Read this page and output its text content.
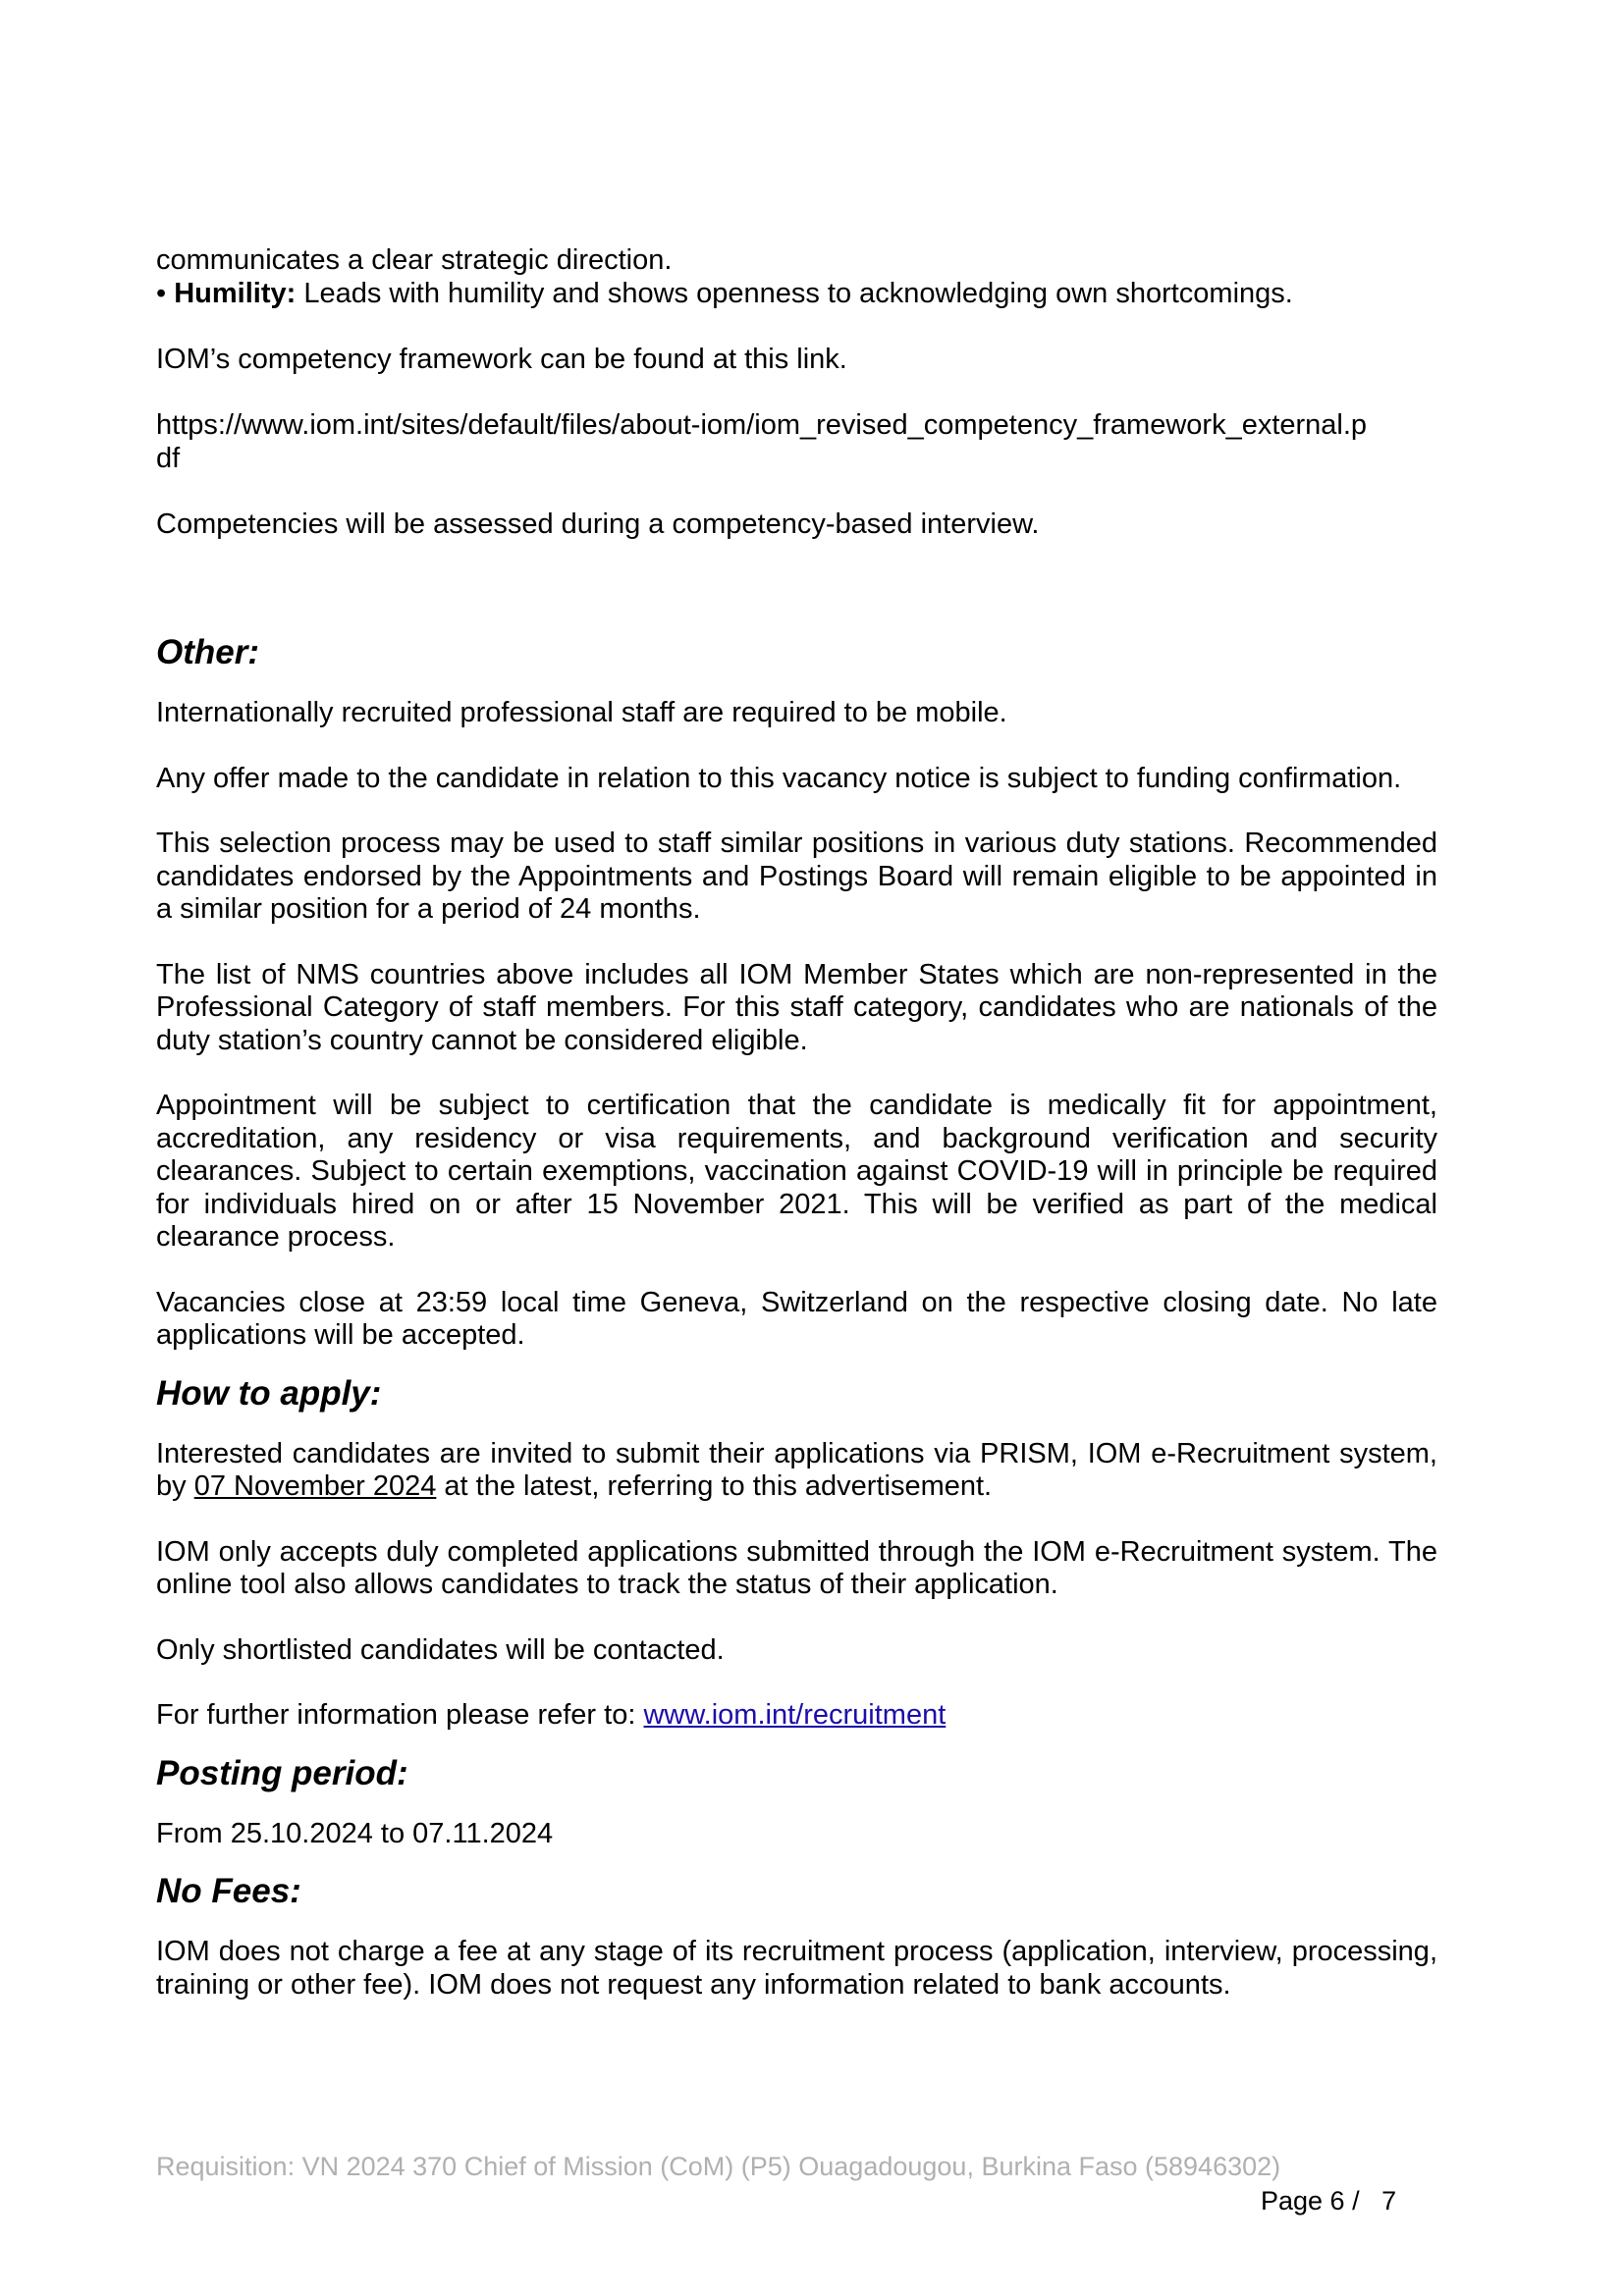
communicates a clear strategic direction.

• Humility: Leads with humility and shows openness to acknowledging own shortcomings.

IOM’s competency framework can be found at this link.

https://www.iom.int/sites/default/files/about-iom/iom_revised_competency_framework_external.p

df

Competencies will be assessed during a competency-based interview.

Other:

Internationally recruited professional staff are required to be mobile.

Any offer made to the candidate in relation to this vacancy notice is subject to funding confirmation.

This selection process may be used to staff similar positions in various duty stations. Recommended candidates endorsed by the Appointments and Postings Board will remain eligible to be appointed in a similar position for a period of 24 months.

The list of NMS countries above includes all IOM Member States which are non-represented in the Professional Category of staff members. For this staff category, candidates who are nationals of the duty station’s country cannot be considered eligible.

Appointment will be subject to certification that the candidate is medically fit for appointment, accreditation, any residency or visa requirements, and background verification and security clearances. Subject to certain exemptions, vaccination against COVID-19 will in principle be required for individuals hired on or after 15 November 2021. This will be verified as part of the medical clearance process.

Vacancies close at 23:59 local time Geneva, Switzerland on the respective closing date. No late applications will be accepted.

How to apply:

Interested candidates are invited to submit their applications via PRISM, IOM e-Recruitment system, by 07 November 2024 at the latest, referring to this advertisement.

IOM only accepts duly completed applications submitted through the IOM e-Recruitment system. The online tool also allows candidates to track the status of their application.

Only shortlisted candidates will be contacted.

For further information please refer to: www.iom.int/recruitment

Posting period:

From 25.10.2024 to 07.11.2024

No Fees:

IOM does not charge a fee at any stage of its recruitment process (application, interview, processing, training or other fee). IOM does not request any information related to bank accounts.

Requisition: VN 2024 370 Chief of Mission (CoM) (P5) Ouagadougou, Burkina Faso (58946302)

Page 6 /   7
